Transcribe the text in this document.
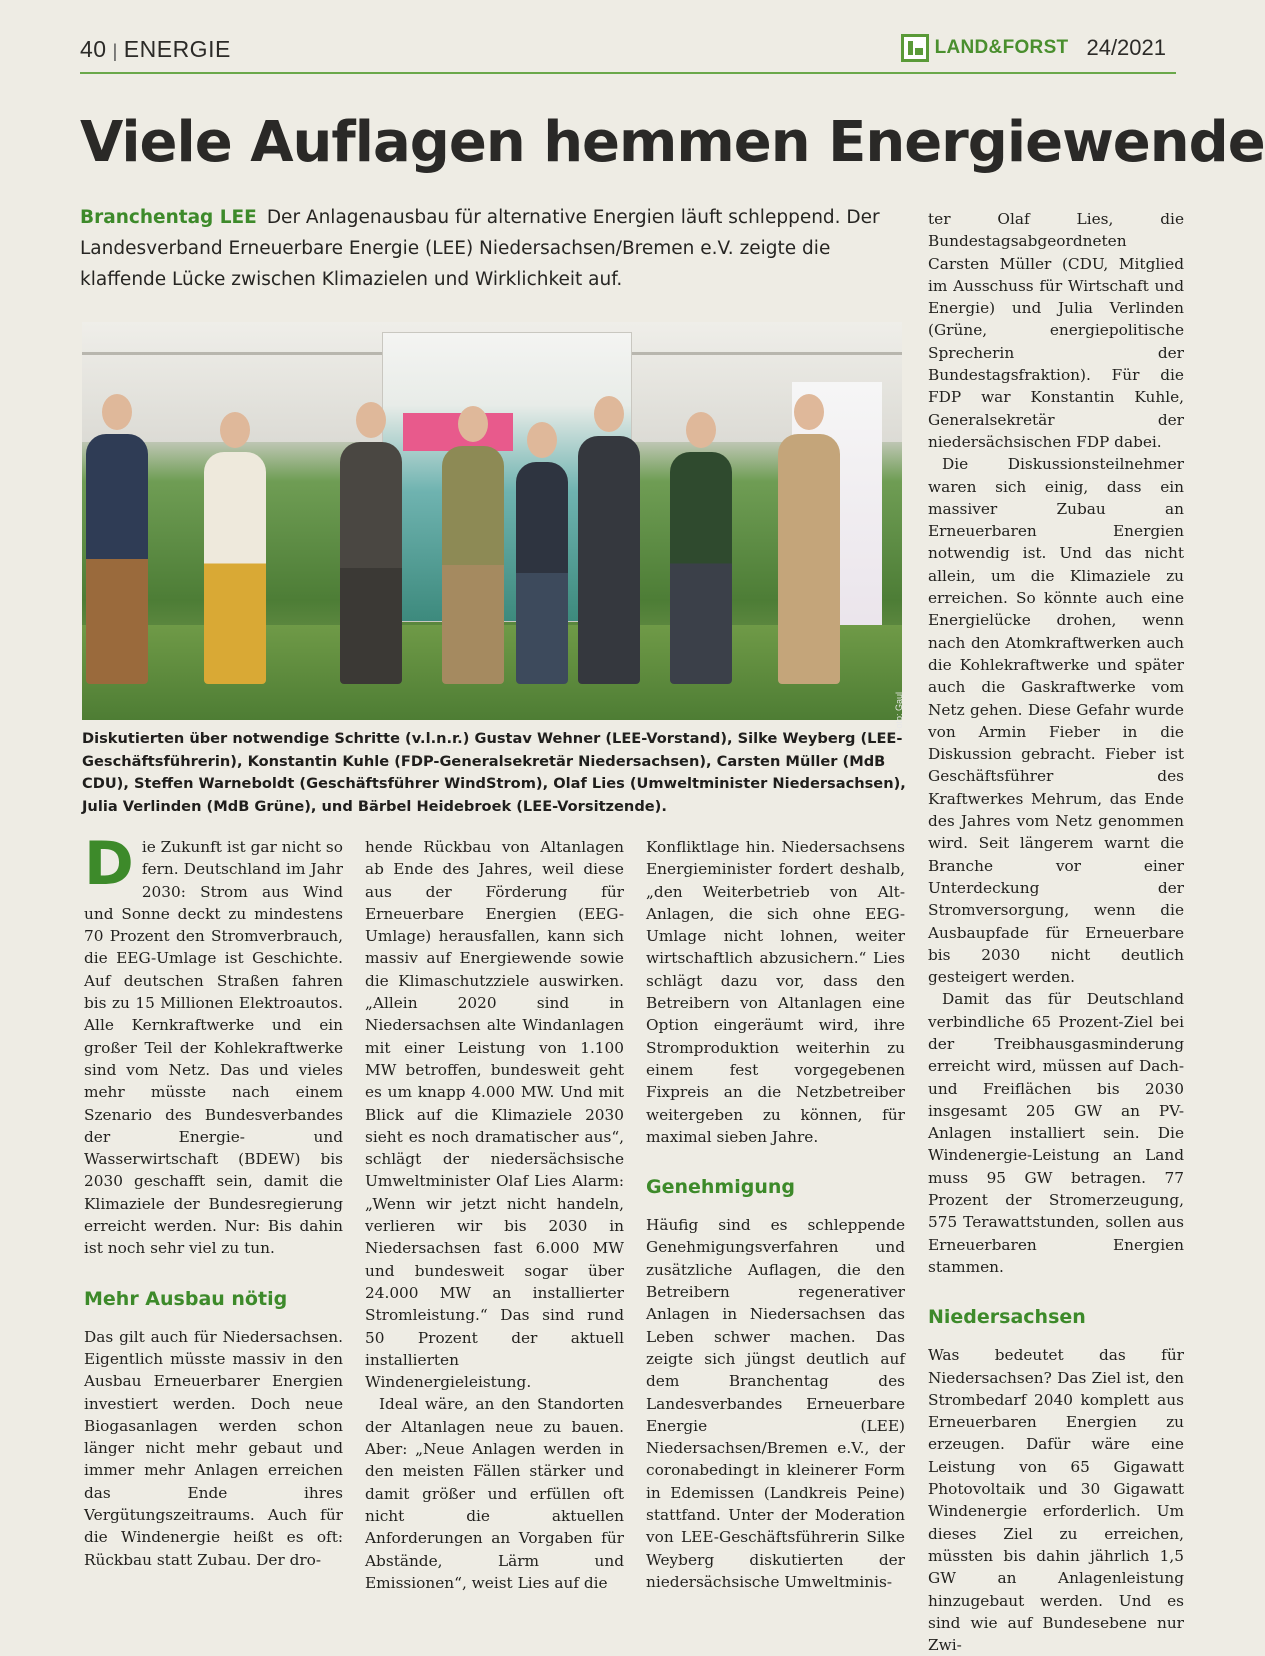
40 | ENERGIE	LAND&FORST 24/2021
Viele Auflagen hemmen Energiewende
Branchentag LEE Der Anlagenausbau für alternative Energien läuft schleppend. Der Landesverband Erneuerbare Energie (LEE) Niedersachsen/Bremen e.V. zeigte die klaffende Lücke zwischen Klimazielen und Wirklichkeit auf.
Foto: Gaul
Diskutierten über notwendige Schritte (v.l.n.r.) Gustav Wehner (LEE-Vorstand), Silke Weyberg (LEE-Geschäftsführerin), Konstantin Kuhle (FDP-Generalsekretär Niedersachsen), Carsten Müller (MdB CDU), Steffen Warneboldt (Geschäftsführer WindStrom), Olaf Lies (Umweltminister Niedersachsen), Julia Verlinden (MdB Grüne), und Bärbel Heidebroek (LEE-Vorsitzende).

Die Zukunft ist gar nicht so fern. Deutschland im Jahr 2030: Strom aus Wind und Sonne deckt zu mindestens 70 Prozent den Stromverbrauch, die EEG-Umlage ist Geschichte. Auf deutschen Straßen fahren bis zu 15 Millionen Elektroautos. Alle Kernkraftwerke und ein großer Teil der Kohlekraftwerke sind vom Netz. Das und vieles mehr müsste nach einem Szenario des Bundesverbandes der Energie- und Wasserwirtschaft (BDEW) bis 2030 geschafft sein, damit die Klimaziele der Bundesregierung erreicht werden. Nur: Bis dahin ist noch sehr viel zu tun.

Mehr Ausbau nötig

Das gilt auch für Niedersachsen. Eigentlich müsste massiv in den Ausbau Erneuerbarer Energien investiert werden. Doch neue Biogasanlagen werden schon länger nicht mehr gebaut und immer mehr Anlagen erreichen das Ende ihres Vergütungszeitraums. Auch für die Windenergie heißt es oft: Rückbau statt Zubau. Der dro-

hende Rückbau von Altanlagen ab Ende des Jahres, weil diese aus der Förderung für Erneuerbare Energien (EEG-Umlage) herausfallen, kann sich massiv auf Energiewende sowie die Klimaschutzziele auswirken. „Allein 2020 sind in Niedersachsen alte Windanlagen mit einer Leistung von 1.100 MW betroffen, bundesweit geht es um knapp 4.000 MW. Und mit Blick auf die Klimaziele 2030 sieht es noch dramatischer aus“, schlägt der niedersächsische Umweltminister Olaf Lies Alarm: „Wenn wir jetzt nicht handeln, verlieren wir bis 2030 in Niedersachsen fast 6.000 MW und bundesweit sogar über 24.000 MW an installierter Stromleistung.“ Das sind rund 50 Prozent der aktuell installierten Windenergieleistung.

Ideal wäre, an den Standorten der Altanlagen neue zu bauen. Aber: „Neue Anlagen werden in den meisten Fällen stärker und damit größer und erfüllen oft nicht die aktuellen Anforderungen an Vorgaben für Abstände, Lärm und Emissionen“, weist Lies auf die

Konfliktlage hin. Niedersachsens Energieminister fordert deshalb, „den Weiterbetrieb von Alt-Anlagen, die sich ohne EEG-Umlage nicht lohnen, weiter wirtschaftlich abzusichern.“ Lies schlägt dazu vor, dass den Betreibern von Altanlagen eine Option eingeräumt wird, ihre Stromproduktion weiterhin zu einem fest vorgegebenen Fixpreis an die Netzbetreiber weitergeben zu können, für maximal sieben Jahre.

Genehmigung

Häufig sind es schleppende Genehmigungsverfahren und zusätzliche Auflagen, die den Betreibern regenerativer Anlagen in Niedersachsen das Leben schwer machen. Das zeigte sich jüngst deutlich auf dem Branchentag des Landesverbandes Erneuerbare Energie (LEE) Niedersachsen/Bremen e.V., der coronabedingt in kleinerer Form in Edemissen (Landkreis Peine) stattfand. Unter der Moderation von LEE-Geschäftsführerin Silke Weyberg diskutierten der niedersächsische Umweltminis-

ter Olaf Lies, die Bundestagsabgeordneten Carsten Müller (CDU, Mitglied im Ausschuss für Wirtschaft und Energie) und Julia Verlinden (Grüne, energiepolitische Sprecherin der Bundestagsfraktion). Für die FDP war Konstantin Kuhle, Generalsekretär der niedersächsischen FDP dabei.

Die Diskussionsteilnehmer waren sich einig, dass ein massiver Zubau an Erneuerbaren Energien notwendig ist. Und das nicht allein, um die Klimaziele zu erreichen. So könnte auch eine Energielücke drohen, wenn nach den Atomkraftwerken auch die Kohlekraftwerke und später auch die Gaskraftwerke vom Netz gehen. Diese Gefahr wurde von Armin Fieber in die Diskussion gebracht. Fieber ist Geschäftsführer des Kraftwerkes Mehrum, das Ende des Jahres vom Netz genommen wird. Seit längerem warnt die Branche vor einer Unterdeckung der Stromversorgung, wenn die Ausbaupfade für Erneuerbare bis 2030 nicht deutlich gesteigert werden.

Damit das für Deutschland verbindliche 65 Prozent-Ziel bei der Treibhausgasminderung erreicht wird, müssen auf Dach- und Freiflächen bis 2030 insgesamt 205 GW an PV-Anlagen installiert sein. Die Windenergie-Leistung an Land muss 95 GW betragen. 77 Prozent der Stromerzeugung, 575 Terawattstunden, sollen aus Erneuerbaren Energien stammen.

Niedersachsen

Was bedeutet das für Niedersachsen? Das Ziel ist, den Strombedarf 2040 komplett aus Erneuerbaren Energien zu erzeugen. Dafür wäre eine Leistung von 65 Gigawatt Photovoltaik und 30 Gigawatt Windenergie erforderlich. Um dieses Ziel zu erreichen, müssten bis dahin jährlich 1,5 GW an Anlagenleistung hinzugebaut werden. Und es sind wie auf Bundesebene nur Zwi-
